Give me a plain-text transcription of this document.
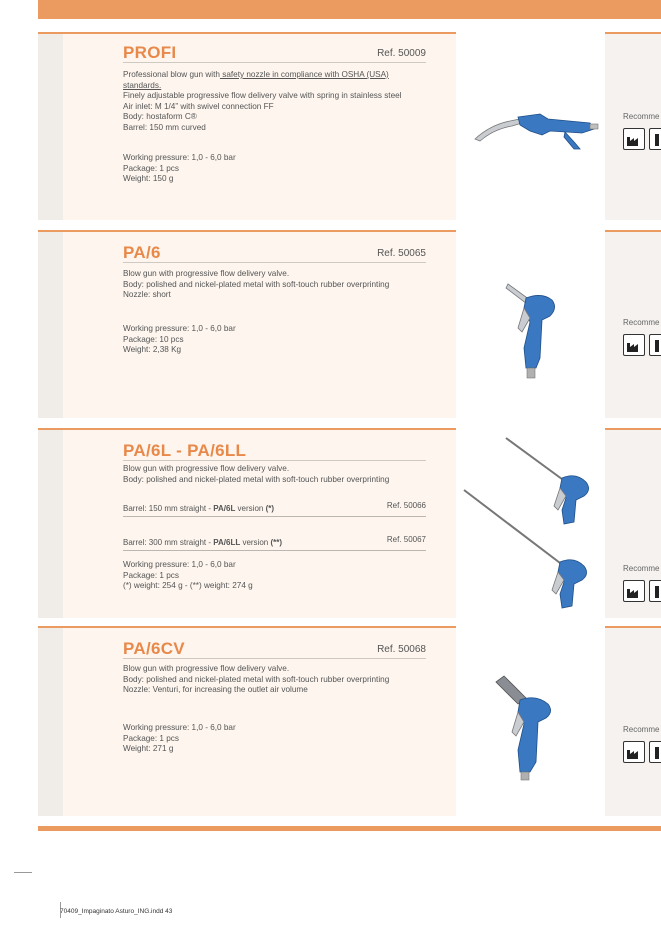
PROFI	Ref. 50009
Professional blow gun with safety nozzle in compliance with OSHA (USA)
standards.
Finely adjustable progressive flow delivery valve with spring in stainless steel
Air inlet: M 1/4” with swivel connection FF
Body: hostaform C®
Barrel: 150 mm curved
Working pressure: 1,0 - 6,0 bar
Package: 1 pcs
Weight: 150 g
PA/6	Ref. 50065
Blow gun with progressive flow delivery valve.
Body: polished and nickel-plated metal with soft-touch rubber overprinting
Nozzle: short
Working pressure: 1,0 - 6,0 bar
Package: 10 pcs
Weight: 2,38 Kg
PA/6L - PA/6LL
Blow gun with progressive flow delivery valve.
Body: polished and nickel-plated metal with soft-touch rubber overprinting
Barrel: 150 mm straight - PA/6L version (*)	Ref. 50066
Barrel: 300 mm straight - PA/6LL version (**)	Ref. 50067
Working pressure: 1,0 - 6,0 bar
Package: 1 pcs
(*) weight: 254 g - (**) weight: 274 g
PA/6CV	Ref. 50068
Blow gun with progressive flow delivery valve.
Body: polished and nickel-plated metal with soft-touch rubber overprinting
Nozzle: Venturi, for increasing the outlet air volume
Working pressure: 1,0 - 6,0 bar
Package: 1 pcs
Weight: 271 g
Recomme
Recomme
Recomme
Recomme
70409_Impaginato Asturo_ING.indd 43
